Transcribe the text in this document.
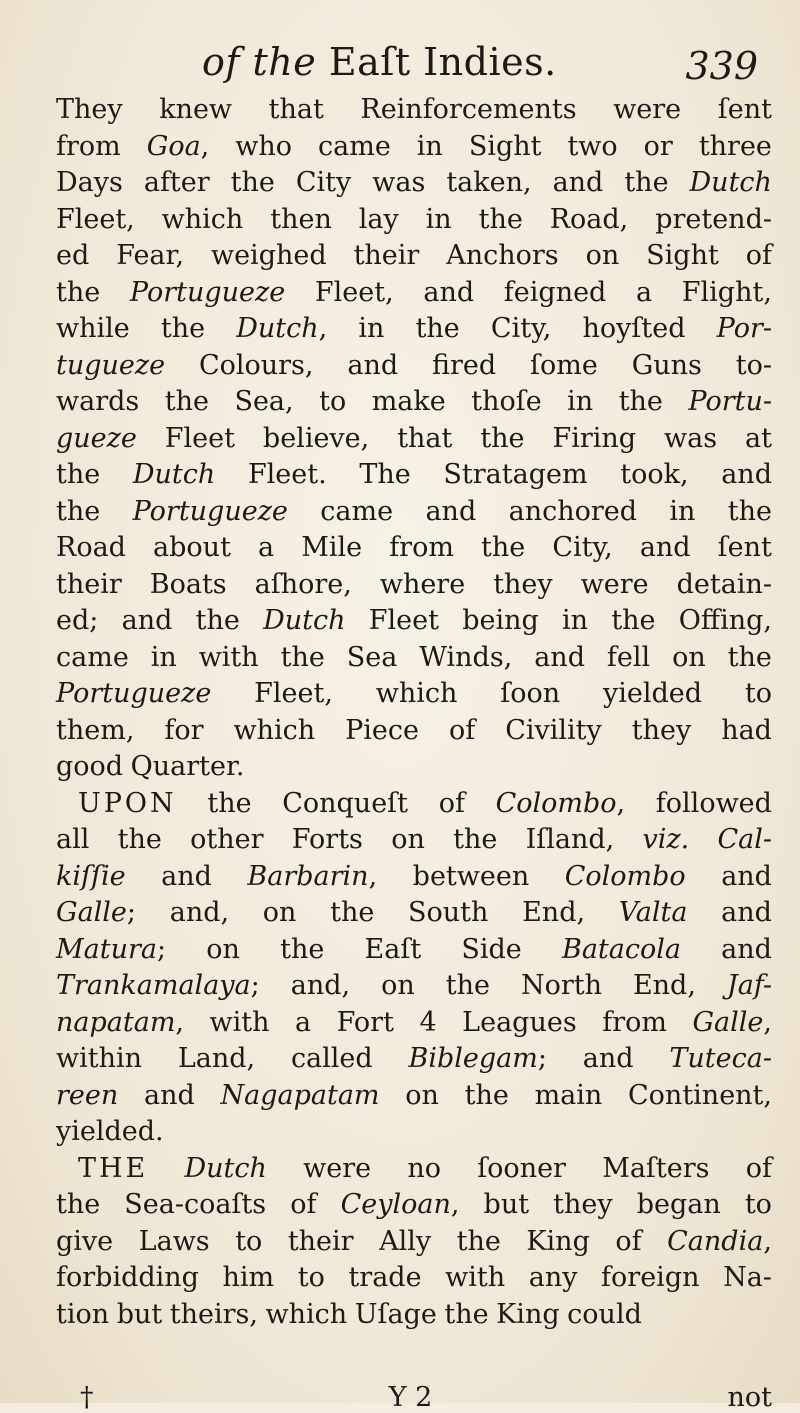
of the Eaſt Indies.	339
They knew that Reinforcements were ſent
from Goa, who came in Sight two or three
Days after the City was taken, and the Dutch
Fleet, which then lay in the Road, pretend-
ed Fear, weighed their Anchors on Sight of
the Portugueze Fleet, and feigned a Flight,
while the Dutch, in the City, hoyſted Por-
tugueze Colours, and fired ſome Guns to-
wards the Sea, to make thoſe in the Portu-
gueze Fleet believe, that the Firing was at
the Dutch Fleet. The Stratagem took, and
the Portugueze came and anchored in the
Road about a Mile from the City, and ſent
their Boats aſhore, where they were detain-
ed; and the Dutch Fleet being in the Offing,
came in with the Sea Winds, and fell on the
Portugueze Fleet, which ſoon yielded to
them, for which Piece of Civility they had
good Quarter.
UPON the Conqueſt of Colombo, followed
all the other Forts on the Iſland, viz. Cal-
kiſſie and Barbarin, between Colombo and
Galle; and, on the South End, Valta and
Matura; on the Eaſt Side Batacola and
Trankamalaya; and, on the North End, Jaf-
napatam, with a Fort 4 Leagues from Galle,
within Land, called Biblegam; and Tuteca-
reen and Nagapatam on the main Continent,
yielded.
THE Dutch were no ſooner Maſters of
the Sea-coaſts of Ceyloan, but they began to
give Laws to their Ally the King of Candia,
forbidding him to trade with any foreign Na-
tion but theirs, which Uſage the King could
†	Y 2	not
